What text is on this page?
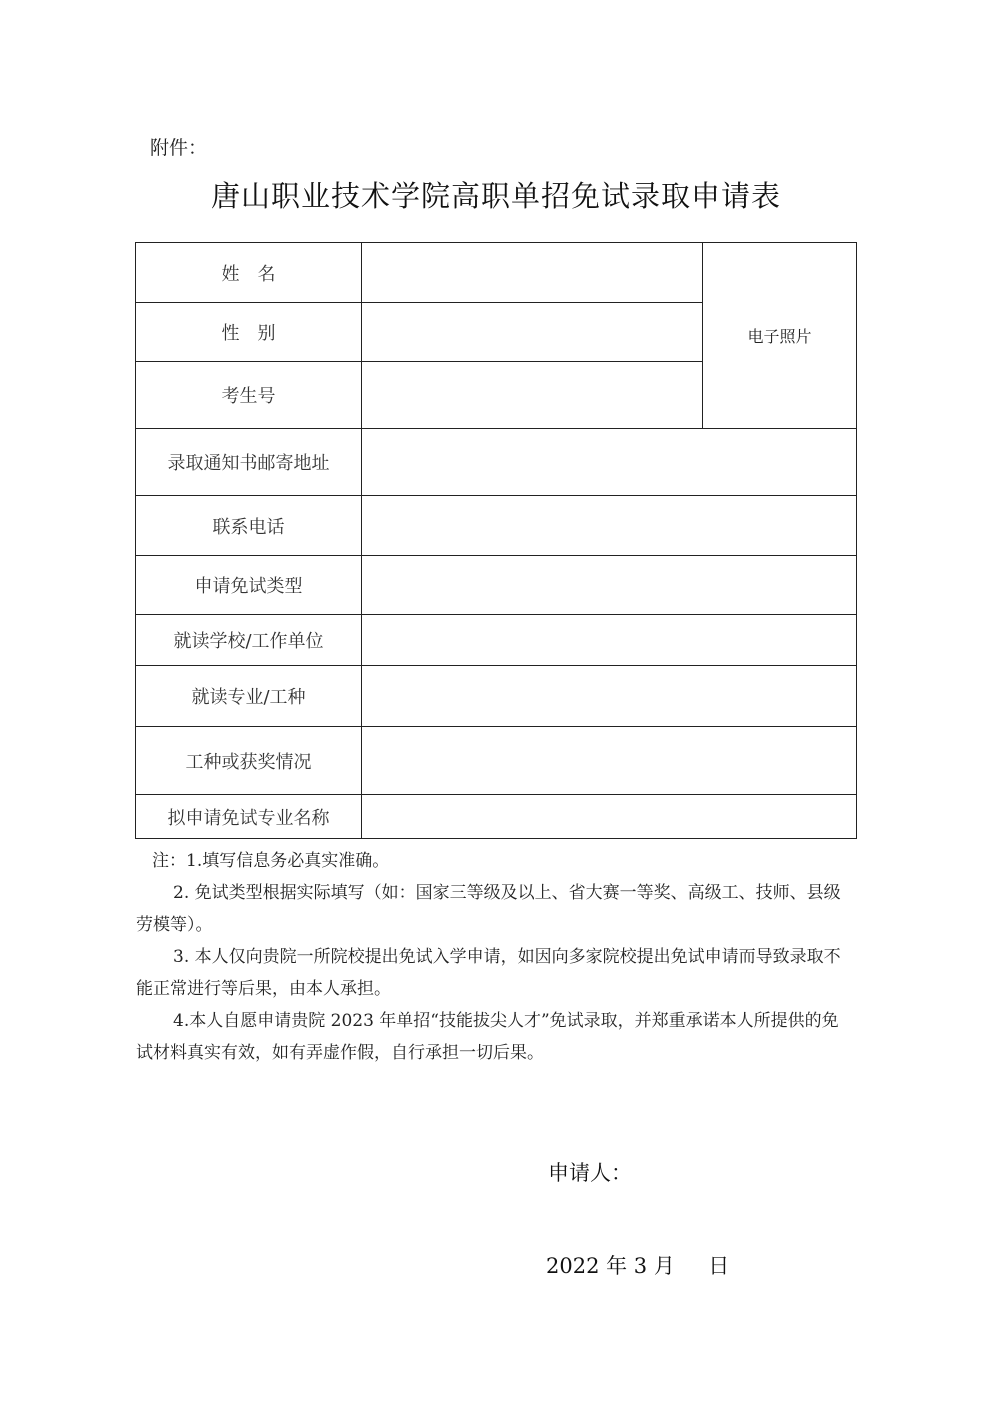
附件：
唐山职业技术学院高职单招免试录取申请表
姓　名		电子照片
性　别		
考生号		
录取通知书邮寄地址		
联系电话		
申请免试类型		
就读学校/工作单位		
就读专业/工种		
工种或获奖情况		
拟申请免试专业名称		

注：1.填写信息务必真实准确。

2. 免试类型根据实际填写（如：国家三等级及以上、省大赛一等奖、高级工、技师、县级劳模等）。

3. 本人仅向贵院一所院校提出免试入学申请，如因向多家院校提出免试申请而导致录取不能正常进行等后果，由本人承担。

4.本人自愿申请贵院 2023 年单招“技能拔尖人才”免试录取，并郑重承诺本人所提供的免试材料真实有效，如有弄虚作假，自行承担一切后果。

申请人：
2022 年 3 月     日
